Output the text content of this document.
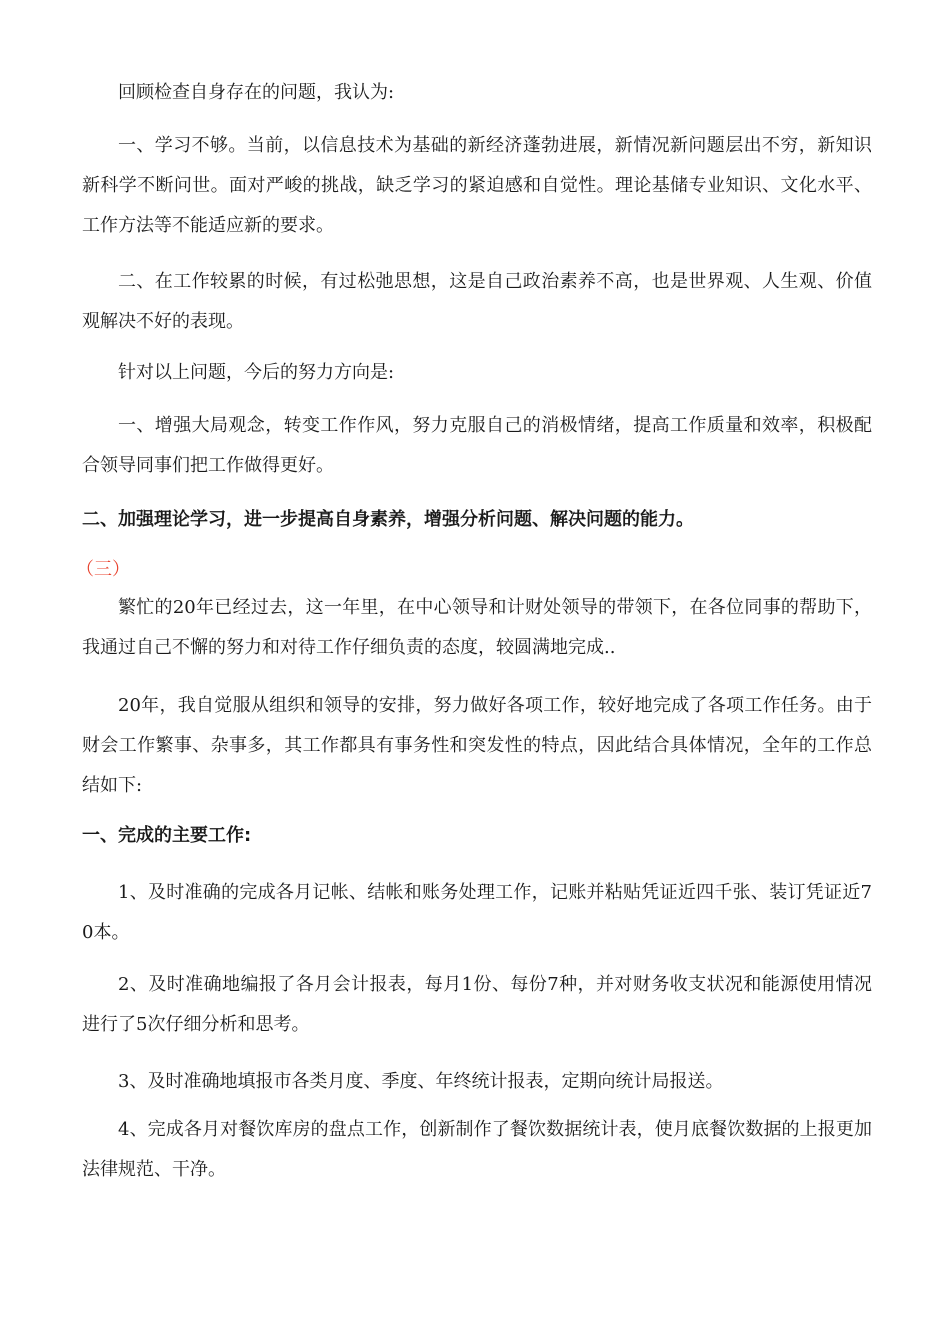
回顾检查自身存在的问题，我认为:

一、学习不够。当前，以信息技术为基础的新经济蓬勃进展，新情况新问题层出不穷，新知识新科学不断问世。面对严峻的挑战，缺乏学习的紧迫感和自觉性。理论基储专业知识、文化水平、工作方法等不能适应新的要求。

二、在工作较累的时候，有过松弛思想，这是自己政治素养不高，也是世界观、人生观、价值观解决不好的表现。

针对以上问题，今后的努力方向是:

一、增强大局观念，转变工作作风，努力克服自己的消极情绪，提高工作质量和效率，积极配合领导同事们把工作做得更好。

二、加强理论学习，进一步提高自身素养，增强分析问题、解决问题的能力。

（三）

繁忙的20年已经过去，这一年里，在中心领导和计财处领导的带领下，在各位同事的帮助下，我通过自己不懈的努力和对待工作仔细负责的态度，较圆满地完成..

20年，我自觉服从组织和领导的安排，努力做好各项工作，较好地完成了各项工作任务。由于财会工作繁事、杂事多，其工作都具有事务性和突发性的特点，因此结合具体情况，全年的工作总结如下:

一、完成的主要工作:

1、及时准确的完成各月记帐、结帐和账务处理工作，记账并粘贴凭证近四千张、装订凭证近70本。

2、及时准确地编报了各月会计报表，每月1份、每份7种，并对财务收支状况和能源使用情况进行了5次仔细分析和思考。

3、及时准确地填报市各类月度、季度、年终统计报表，定期向统计局报送。

4、完成各月对餐饮库房的盘点工作，创新制作了餐饮数据统计表，使月底餐饮数据的上报更加法律规范、干净。
